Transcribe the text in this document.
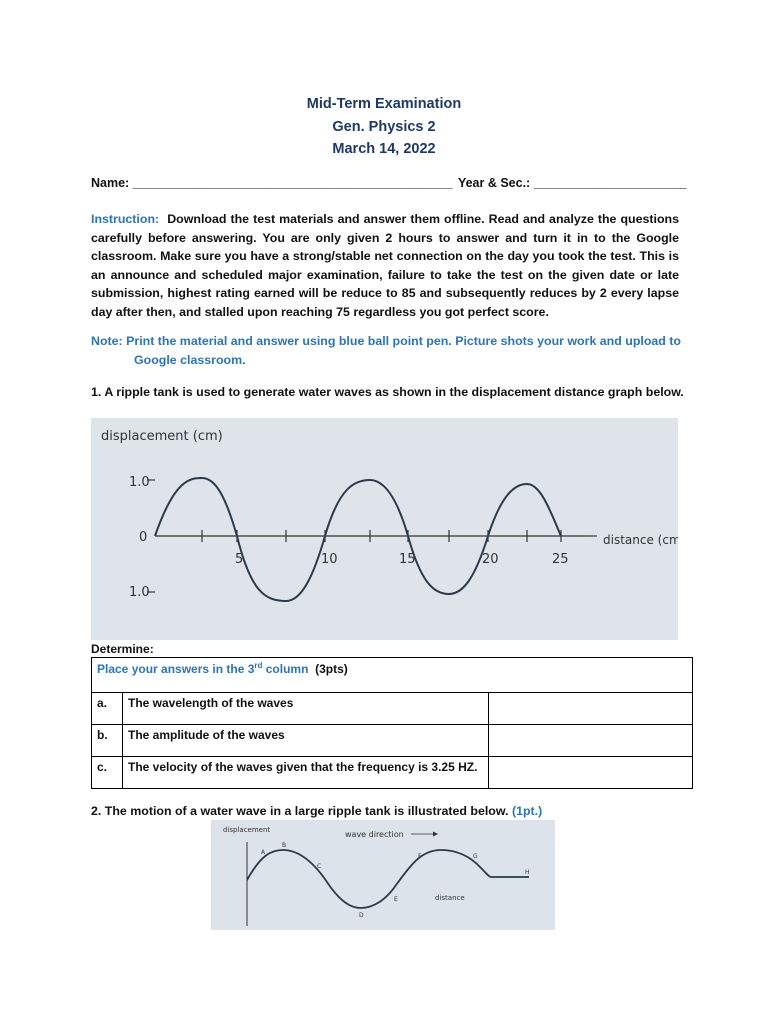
Mid-Term Examination
Gen. Physics 2
March 14, 2022
Name: ______________________________________________ Year & Sec.: ______________________
Instruction: Download the test materials and answer them offline. Read and analyze the questions carefully before answering. You are only given 2 hours to answer and turn it in to the Google classroom. Make sure you have a strong/stable net connection on the day you took the test. This is an announce and scheduled major examination, failure to take the test on the given date or late submission, highest rating earned will be reduce to 85 and subsequently reduces by 2 every lapse day after then, and stalled upon reaching 75 regardless you got perfect score.
Note: Print the material and answer using blue ball point pen. Picture shots your work and upload to
Google classroom.
1. A ripple tank is used to generate water waves as shown in the displacement distance graph below.
displacement (cm)
1.0
0
1.0
5	10	15	20	25
distance (cm)
Determine:
Place your answers in the 3rd column (3pts)		
a.	The wavelength of the waves	
b.	The amplitude of the waves	
c.	The velocity of the waves given that the frequency is 3.25 HZ.	
2. The motion of a water wave in a large ripple tank is illustrated below. (1pt.)
displacement	wave direction
A
B
C
D
E
F	G
H
distance
